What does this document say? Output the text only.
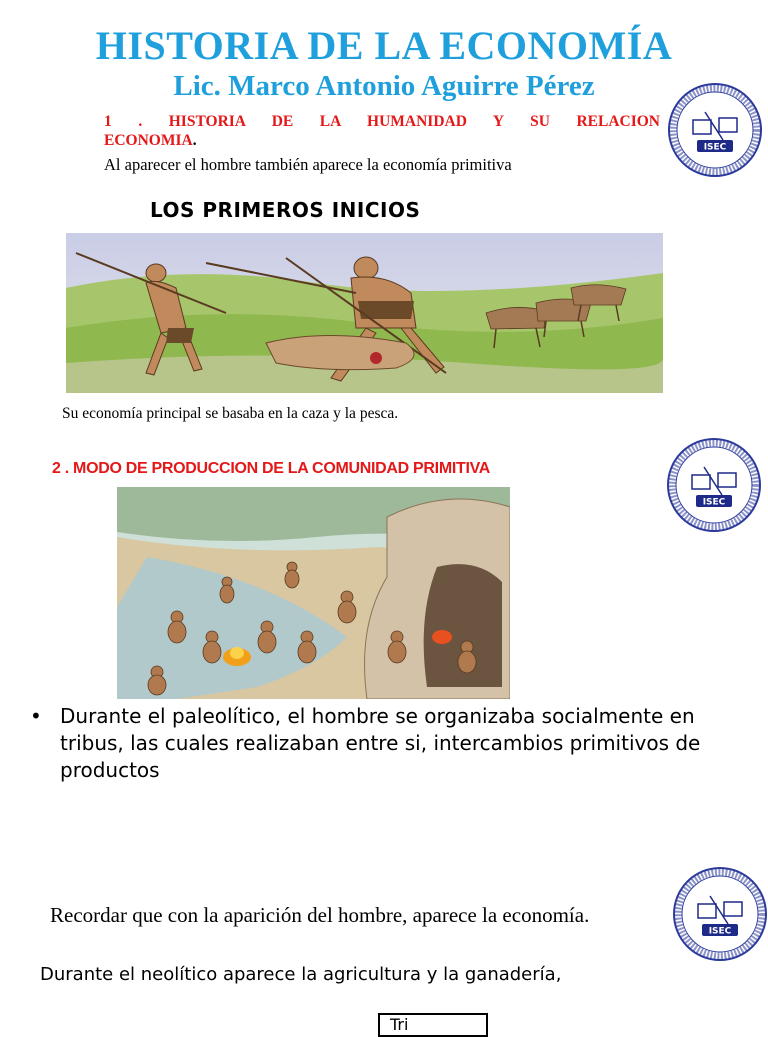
HISTORIA DE LA ECONOMÍA
Lic. Marco Antonio Aguirre Pérez
1 . HISTORIA DE LA HUMANIDAD Y SU RELACION
ECONOMIA.
Al aparecer el hombre también aparece la economía primitiva
LOS PRIMEROS INICIOS
Su economía principal se basaba en la caza y la pesca.
2 . MODO DE PRODUCCION DE LA COMUNIDAD PRIMITIVA
• Durante el paleolítico, el hombre se organizaba socialmente en tribus, las cuales realizaban entre si, intercambios primitivos de productos
Recordar que con la aparición del hombre, aparece la economía.
Durante el neolítico aparece la agricultura y la ganadería,
Tri
ISEC
ISEC
ISEC
